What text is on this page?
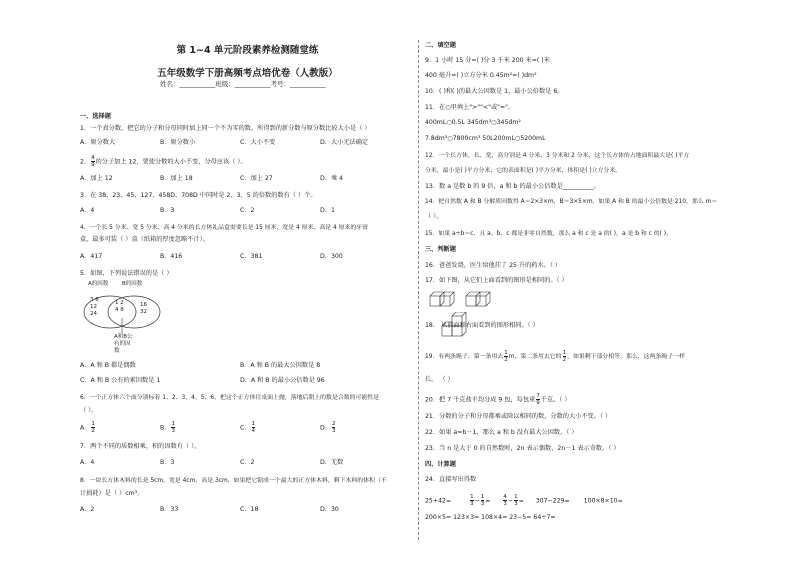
第 1~4 单元阶段素养检测随堂练
五年级数学下册高频考点培优卷（人教版）
姓名：___________班级：___________考号：___________
一、选择题
1．一个真分数，把它的分子和分母同时加上同一个不为零的数，所得到的新分数与原分数比较大小是（ ）
A．原分数大	B．原分数小	C．大小不变	D．大小无法确定
2． $\frac{4}{9}$ 的分子加上 12，要使分数的大小不变，分母应该（ ）。
A．加上 12	B．加上 18	C．加上 27	D．乘 4
3．在 38、23、45、127、458D、708D 中同时是 2、3、5 的倍数的数有（ ）个。
A．4	B．3	C．2	D．1
4．一个长 5 分米、宽 5 分米、高 4 分米的长方体礼品盒需要长是 15 厘米，宽是 4 厘米、高是 4 厘米的牙膏
盒，最多可装（ ）盒（纸箱的厚度忽略不计）。
A．417	B．416	C．381	D．300
5．如图，下列说法错误的是（ ）
A的因数 B的因数
3 6
12
24
1 2
4 8
16
32
A和B公
有的因
数
A．A 和 B 都是偶数	B．A 和 B 的最大公因数是 8
C．A 和 B 公有的素因数是 1	D．A 和 B 的最小公倍数是 96
6．一个正方体六个面分别标着 1、2、3、4、5、6，把这个正方体往桌面上抛，落地后朝上的数是合数的可能性是
（ ）。
A． $\frac{1}{2}$	B． $\frac{1}{3}$	C． $\frac{1}{4}$	D． $\frac{2}{3}$
7．两个不同的质数相乘，积的因数有（ ）。
A．4	B．3	C．2	D．无数
8．一块长方体木料的长是 5cm，宽是 4cm，高是 3cm，如果把它锯成一个最大的正方体木料，剩下木料的体积（不
计损耗）是（ ）cm³。
A．2	B．33	C．18	D．30
二、填空题
9．1 小时 15 分=( )分 3 千米 200 米=( )米
400 毫升=( )立方分米 0.45m²=( )dm²
10．( )和( )的最大公因数是 1，最小公倍数是 6。
11．在○里填上">""<"或"="。
400mL○0.5L 345dm³○345dm²
7.8dm³○7800cm³ 50L200mL○5200mL
12．一个长方体，长、宽、高分别是 4 分米、3 分米和 2 分米，这个长方体的占地面积最大是( )平方
分米，最小是( )平方分米；它的表面积是( )平方分米，体积是( )立方分米。
13．数 a 是数 b 的 9 倍，a 和 b 的最小公倍数是__________。
14．把自然数 A 和 B 分解质因数得 A＝2×3×m，B＝3×5×m，如果 A 和 B 的最小公倍数是 210，那么 m＝
（ ）。
15．如果 a÷b＝c，且 a、b、c 都是非零自然数，那么 a 和 c 是 a 的( )，a 是 b 和 c 的( )。
三、判断题
16．爸爸发烧，医生给他挂了 25 升的药水。（ ）
17．如下图，从它们上面看到的图形是相同的。（ ）
18． 从前面和右面看到的图形相同。（ ）
19．有两条绳子，第一条用去 $\frac{1}{2}$ m，第二条用去它的 $\frac{1}{2}$ ，如果剩下部分相等，那么，这两条绳子一样
长。 （ ）
20．把 7 千克盐平均分成 9 包，每包重 $\frac{7}{9}$ 千克。（ ）
21．分数的分子和分母都乘或除以相同的数，分数的大小不变。（ ）
22．如果 a=b－1，那么 a 和 b 没有最大公因数。（ ）
23．当 n 是大于 0 的自然数时，2n 表示偶数，2n－1 表示奇数。（ ）
四、计算题
24．直接写出得数
25+42=	$\frac{1}{3} - \frac{1}{3} = \frac{4}{3} - \frac{1}{3} = 307-229= 100\times 8\times 10=$
200×5= 123×3= 108×4= 23−5= 64÷7=
